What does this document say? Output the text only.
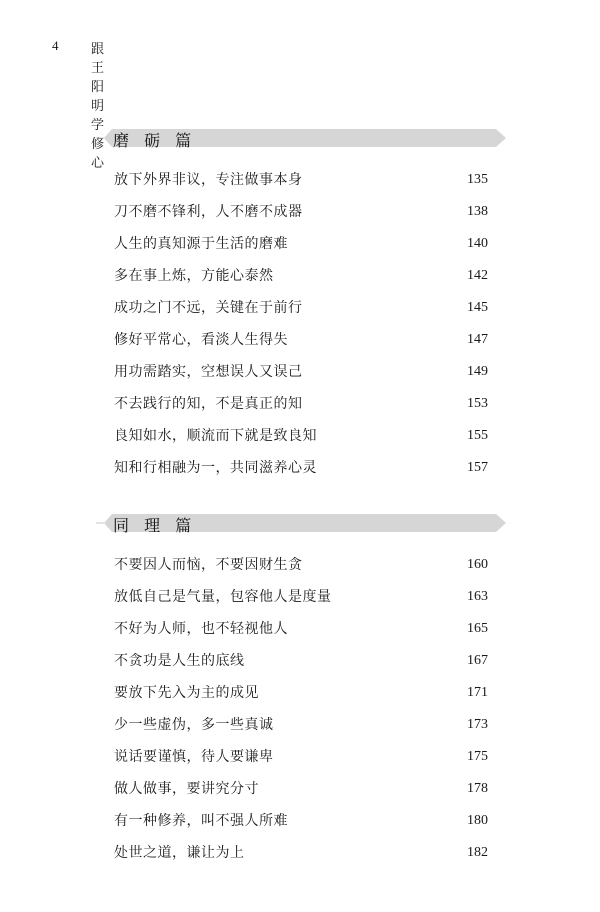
4	跟王阳明学修心
磨 砺 篇
放下外界非议，专注做事本身	135
刀不磨不锋利，人不磨不成器	138
人生的真知源于生活的磨难	140
多在事上炼，方能心泰然	142
成功之门不远，关键在于前行	145
修好平常心，看淡人生得失	147
用功需踏实，空想误人又误己	149
不去践行的知，不是真正的知	153
良知如水，顺流而下就是致良知	155
知和行相融为一，共同滋养心灵	157
同 理 篇
不要因人而恼，不要因财生贪	160
放低自己是气量，包容他人是度量	163
不好为人师，也不轻视他人	165
不贪功是人生的底线	167
要放下先入为主的成见	171
少一些虚伪，多一些真诚	173
说话要谨慎，待人要谦卑	175
做人做事，要讲究分寸	178
有一种修养，叫不强人所难	180
处世之道，谦让为上	182
